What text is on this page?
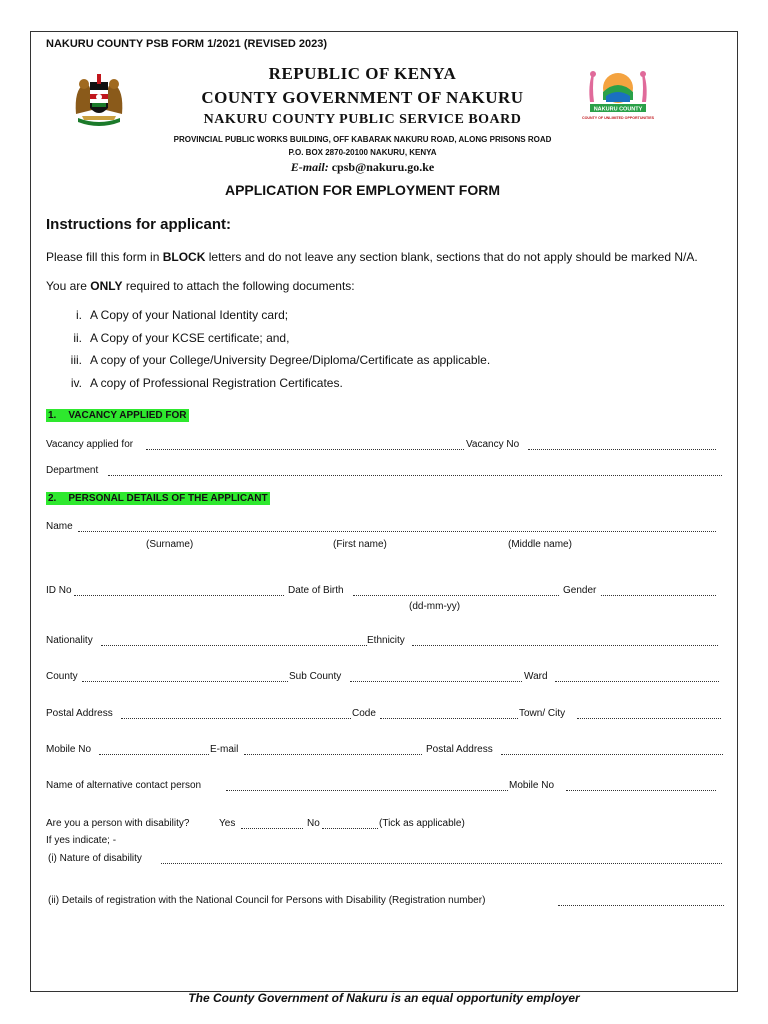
NAKURU COUNTY PSB FORM 1/2021 (REVISED 2023)
NAKURU COUNTY
COUNTY OF UNLIMITED OPPORTUNITIES
REPUBLIC OF KENYA
COUNTY GOVERNMENT OF NAKURU
NAKURU COUNTY PUBLIC SERVICE BOARD
PROVINCIAL PUBLIC WORKS BUILDING, OFF KABARAK NAKURU ROAD, ALONG PRISONS ROAD
P.O. BOX 2870-20100 NAKURU, KENYA
E-mail: cpsb@nakuru.go.ke
APPLICATION FOR EMPLOYMENT FORM
Instructions for applicant:
Please fill this form in BLOCK letters and do not leave any section blank, sections that do not apply should be marked N/A.
You are ONLY required to attach the following documents:
i. A Copy of your National Identity card;
ii. A Copy of your KCSE certificate; and,
iii. A copy of your College/University Degree/Diploma/Certificate as applicable.
iv. A copy of Professional Registration Certificates.
1. VACANCY APPLIED FOR
Vacancy applied for	Vacancy No
Department
2. PERSONAL DETAILS OF THE APPLICANT
Name
(Surname)	(First name)	(Middle name)
ID No	Date of Birth	Gender
(dd-mm-yy)
Nationality	Ethnicity
County	Sub County	Ward
Postal Address	Code	Town/ City
Mobile No	E-mail	Postal Address
Name of alternative contact person	Mobile No
Are you a person with disability?	Yes	No	(Tick as applicable)
If yes indicate; -
(i) Nature of disability
(ii) Details of registration with the National Council for Persons with Disability (Registration number)
The County Government of Nakuru is an equal opportunity employer
